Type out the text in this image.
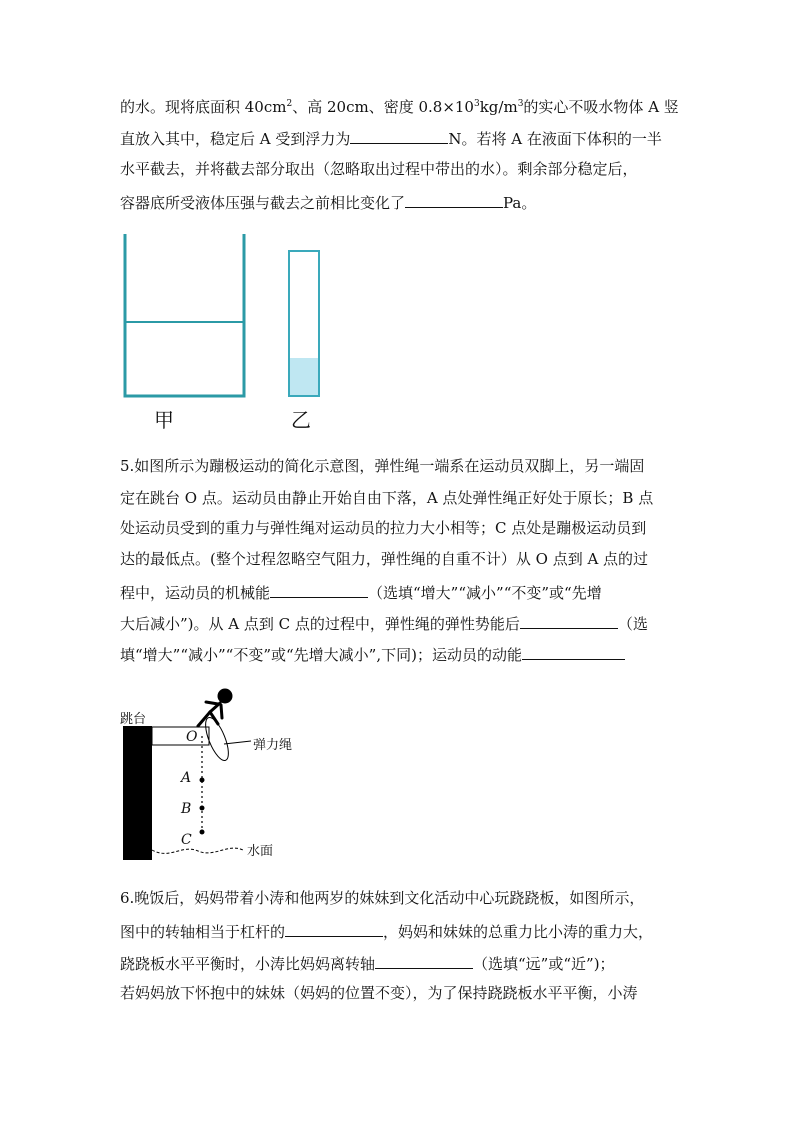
的水。现将底面积 $40cm^2$、高 20cm、密度 $0.8\times 10^3kg/m^3$的实心不吸水物体 A 竖
直放入其中，稳定后 A 受到浮力为	N。若将 A 在液面下体积的一半
水平截去，并将截去部分取出（忽略取出过程中带出的水）。剩余部分稳定后，
容器底所受液体压强与截去之前相比变化了	Pa。
甲	乙
5.如图所示为蹦极运动的简化示意图，弹性绳一端系在运动员双脚上，另一端固
定在跳台 O 点。运动员由静止开始自由下落，A 点处弹性绳正好处于原长；B 点
处运动员受到的重力与弹性绳对运动员的拉力大小相等；C 点处是蹦极运动员到
达的最低点。(整个过程忽略空气阻力，弹性绳的自重不计）从 O 点到 A 点的过
程中，运动员的机械能	（选填“增大”“减小”“不变”或“先增
大后减小”)。从 A 点到 C 点的过程中，弹性绳的弹性势能后	（选
填“增大”“减小”“不变”或“先增大减小”,下同)；运动员的动能
跳台
O
弹力绳
A
B
C
水面
6.晚饭后，妈妈带着小涛和他两岁的妹妹到文化活动中心玩跷跷板，如图所示，
图中的转轴相当于杠杆的	，妈妈和妹妹的总重力比小涛的重力大，
跷跷板水平平衡时，小涛比妈妈离转轴	（选填“远”或“近”)；
若妈妈放下怀抱中的妹妹（妈妈的位置不变），为了保持跷跷板水平平衡，小涛
